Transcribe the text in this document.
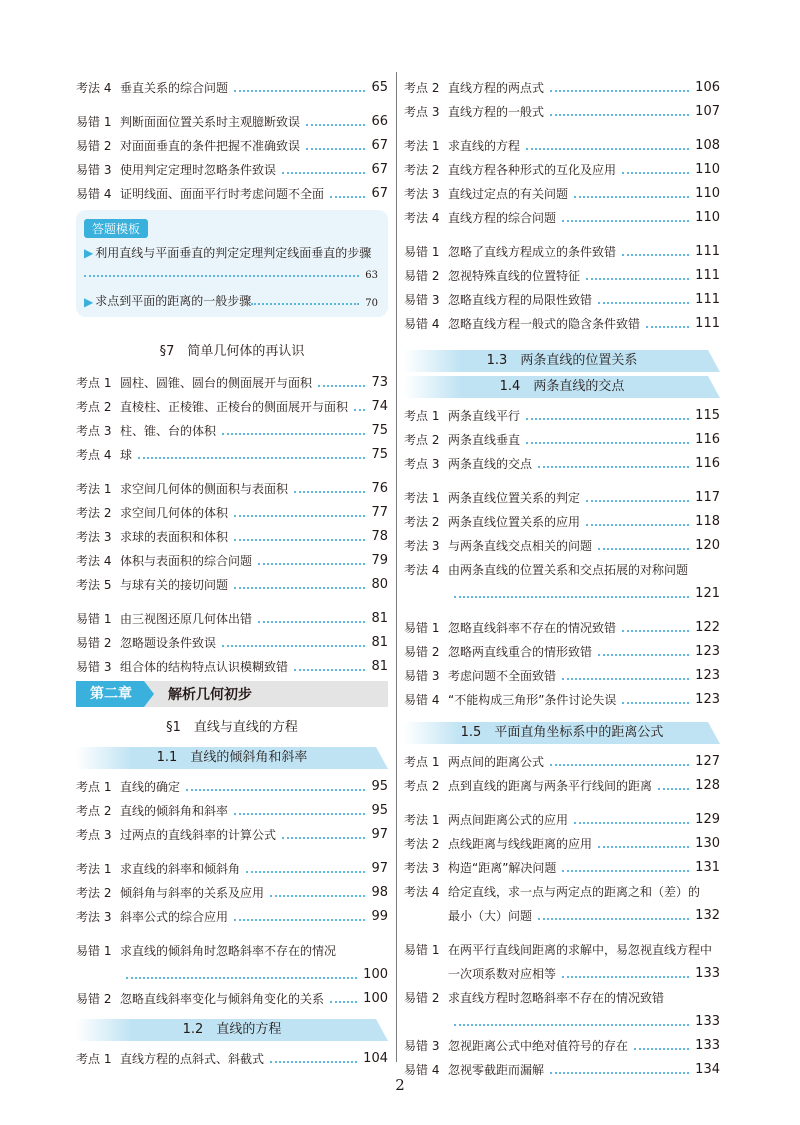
考法 4 垂直关系的综合问题	65
易错 1 判断面面位置关系时主观臆断致误	66
易错 2 对面面垂直的条件把握不准确致误	67
易错 3 使用判定定理时忽略条件致误	67
易错 4 证明线面、面面平行时考虑问题不全面	67
答题模板
▶ 利用直线与平面垂直的判定定理判定线面垂直的步骤
63
▶ 求点到平面的距离的一般步骤	70
§7　简单几何体的再认识
考点 1 圆柱、圆锥、圆台的侧面展开与面积	73
考点 2 直棱柱、正棱锥、正棱台的侧面展开与面积 74
考点 3 柱、锥、台的体积	75
考点 4 球	75
考法 1 求空间几何体的侧面积与表面积	76
考法 2 求空间几何体的体积	77
考法 3 求球的表面积和体积	78
考法 4 体积与表面积的综合问题	79
考法 5 与球有关的接切问题	80
易错 1 由三视图还原几何体出错	81
易错 2 忽略题设条件致误	81
易错 3 组合体的结构特点认识模糊致错	81
第二章	解析几何初步
§1　直线与直线的方程
1.1　直线的倾斜角和斜率
考点 1 直线的确定	95
考点 2 直线的倾斜角和斜率	95
考点 3 过两点的直线斜率的计算公式	97
考法 1 求直线的斜率和倾斜角	97
考法 2 倾斜角与斜率的关系及应用	98
考法 3 斜率公式的综合应用	99
易错 1 求直线的倾斜角时忽略斜率不存在的情况
100
易错 2 忽略直线斜率变化与倾斜角变化的关系	100
1.2　直线的方程
考点 1 直线方程的点斜式、斜截式	104
考点 2 直线方程的两点式	106
考点 3 直线方程的一般式	107
考法 1 求直线的方程	108
考法 2 直线方程各种形式的互化及应用	110
考法 3 直线过定点的有关问题	110
考法 4 直线方程的综合问题	110
易错 1 忽略了直线方程成立的条件致错	111
易错 2 忽视特殊直线的位置特征	111
易错 3 忽略直线方程的局限性致错	111
易错 4 忽略直线方程一般式的隐含条件致错	111
1.3　两条直线的位置关系
1.4　两条直线的交点
考点 1 两条直线平行	115
考点 2 两条直线垂直	116
考点 3 两条直线的交点	116
考法 1 两条直线位置关系的判定	117
考法 2 两条直线位置关系的应用	118
考法 3 与两条直线交点相关的问题	120
考法 4 由两条直线的位置关系和交点拓展的对称问题
121
易错 1 忽略直线斜率不存在的情况致错	122
易错 2 忽略两直线重合的情形致错	123
易错 3 考虑问题不全面致错	123
易错 4 “不能构成三角形”条件讨论失误	123
1.5　平面直角坐标系中的距离公式
考点 1 两点间的距离公式	127
考点 2 点到直线的距离与两条平行线间的距离	128
考法 1 两点间距离公式的应用	129
考法 2 点线距离与线线距离的应用	130
考法 3 构造“距离”解决问题	131
考法 4 给定直线，求一点与两定点的距离之和（差）的
最小（大）问题	132
易错 1 在两平行直线间距离的求解中，易忽视直线方程中
一次项系数对应相等	133
易错 2 求直线方程时忽略斜率不存在的情况致错
133
易错 3 忽视距离公式中绝对值符号的存在	133
易错 4 忽视零截距而漏解	134
2
